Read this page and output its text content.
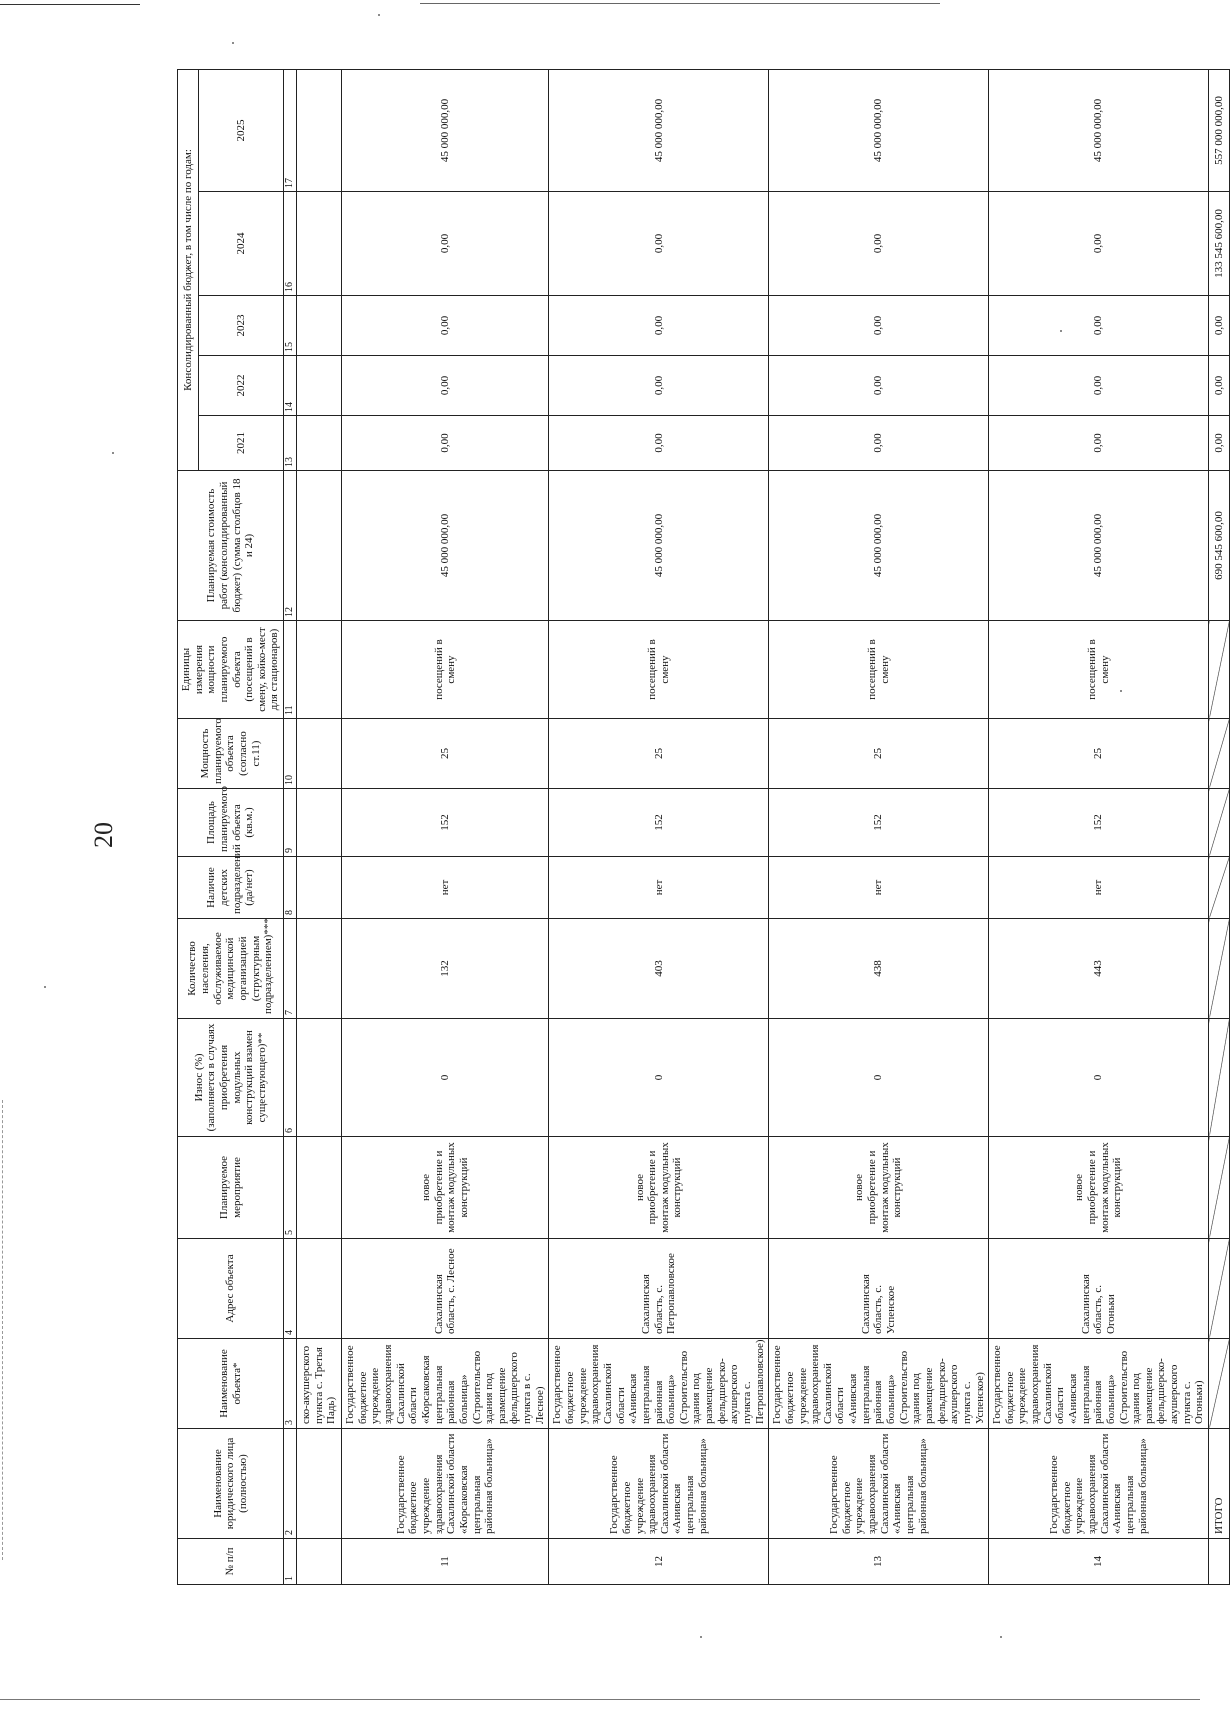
20
№ п/п	Наименование юридического лица (полностью)	Наименование объекта*	Адрес объекта	Планируемое мероприятие	Износ (%) (заполняется в случаях приобретения модульных конструкций взамен существующего)**	Количество населения, обслуживаемое медицинской организацией (структурным подразделением)***	Наличие детских подразделений (да/нет)	Площадь планируемого объекта (кв.м.)	Мощность планируемого объекта (согласно ст.11)	Единицы измерения мощности планируемого объекта (посещений в смену, койко-мест для стационаров)	Планируемая стоимость работ (консолидированный бюджет) (сумма столбцов 18 и 24)	Консолидированный бюджет, в том числе по годам:				
												2021	2022	2023	2024	2025
1	2	3	4	5	6	7	8	9	10	11	12	13	14	15	16	17
		ско-акушерского пункта с. Третья Падь)														
11	Государственное бюджетное учреждение здравоохранения Сахалинской области «Корсаковская центральная районная больница»	Государственное бюджетное учреждение здравоохранения Сахалинской области «Корсаковская центральная районная больница» (Строительство здания под размещение фельдшерского пункта в с. Лесное)	Сахалинская область, с. Лесное	новое приобретение и монтаж модульных конструкций	0	132	нет	152	25	посещений в смену	45 000 000,00	0,00	0,00	0,00	0,00	45 000 000,00
12	Государственное бюджетное учреждение здравоохранения Сахалинской области «Анивская центральная районная больница»	Государственное бюджетное учреждение здравоохранения Сахалинской области «Анивская центральная районная больница» (Строительство здания под размещение фельдшерско-акушерского пункта с. Петропавловское)	Сахалинская область, с. Петропавловское	новое приобретение и монтаж модульных конструкций	0	403	нет	152	25	посещений в смену	45 000 000,00	0,00	0,00	0,00	0,00	45 000 000,00
13	Государственное бюджетное учреждение здравоохранения Сахалинской области «Анивская центральная районная больница»	Государственное бюджетное учреждение здравоохранения Сахалинской области «Анивская центральная районная больница» (Строительство здания под размещение фельдшерско-акушерского пункта с. Успенское)	Сахалинская область, с. Успенское	новое приобретение и монтаж модульных конструкций	0	438	нет	152	25	посещений в смену	45 000 000,00	0,00	0,00	0,00	0,00	45 000 000,00
14	Государственное бюджетное учреждение здравоохранения Сахалинской области «Анивская центральная районная больница»	Государственное бюджетное учреждение здравоохранения Сахалинской области «Анивская центральная районная больница» (Строительство здания под размещение фельдшерско-акушерского пункта с. Огоньки)	Сахалинская область, с. Огоньки	новое приобретение и монтаж модульных конструкций	0	443	нет	152	25	посещений в смену	45 000 000,00	0,00	0,00	0,00	0,00	45 000 000,00
	ИТОГО										690 545 600,00	0,00	0,00	0,00	133 545 600,00	557 000 000,00
